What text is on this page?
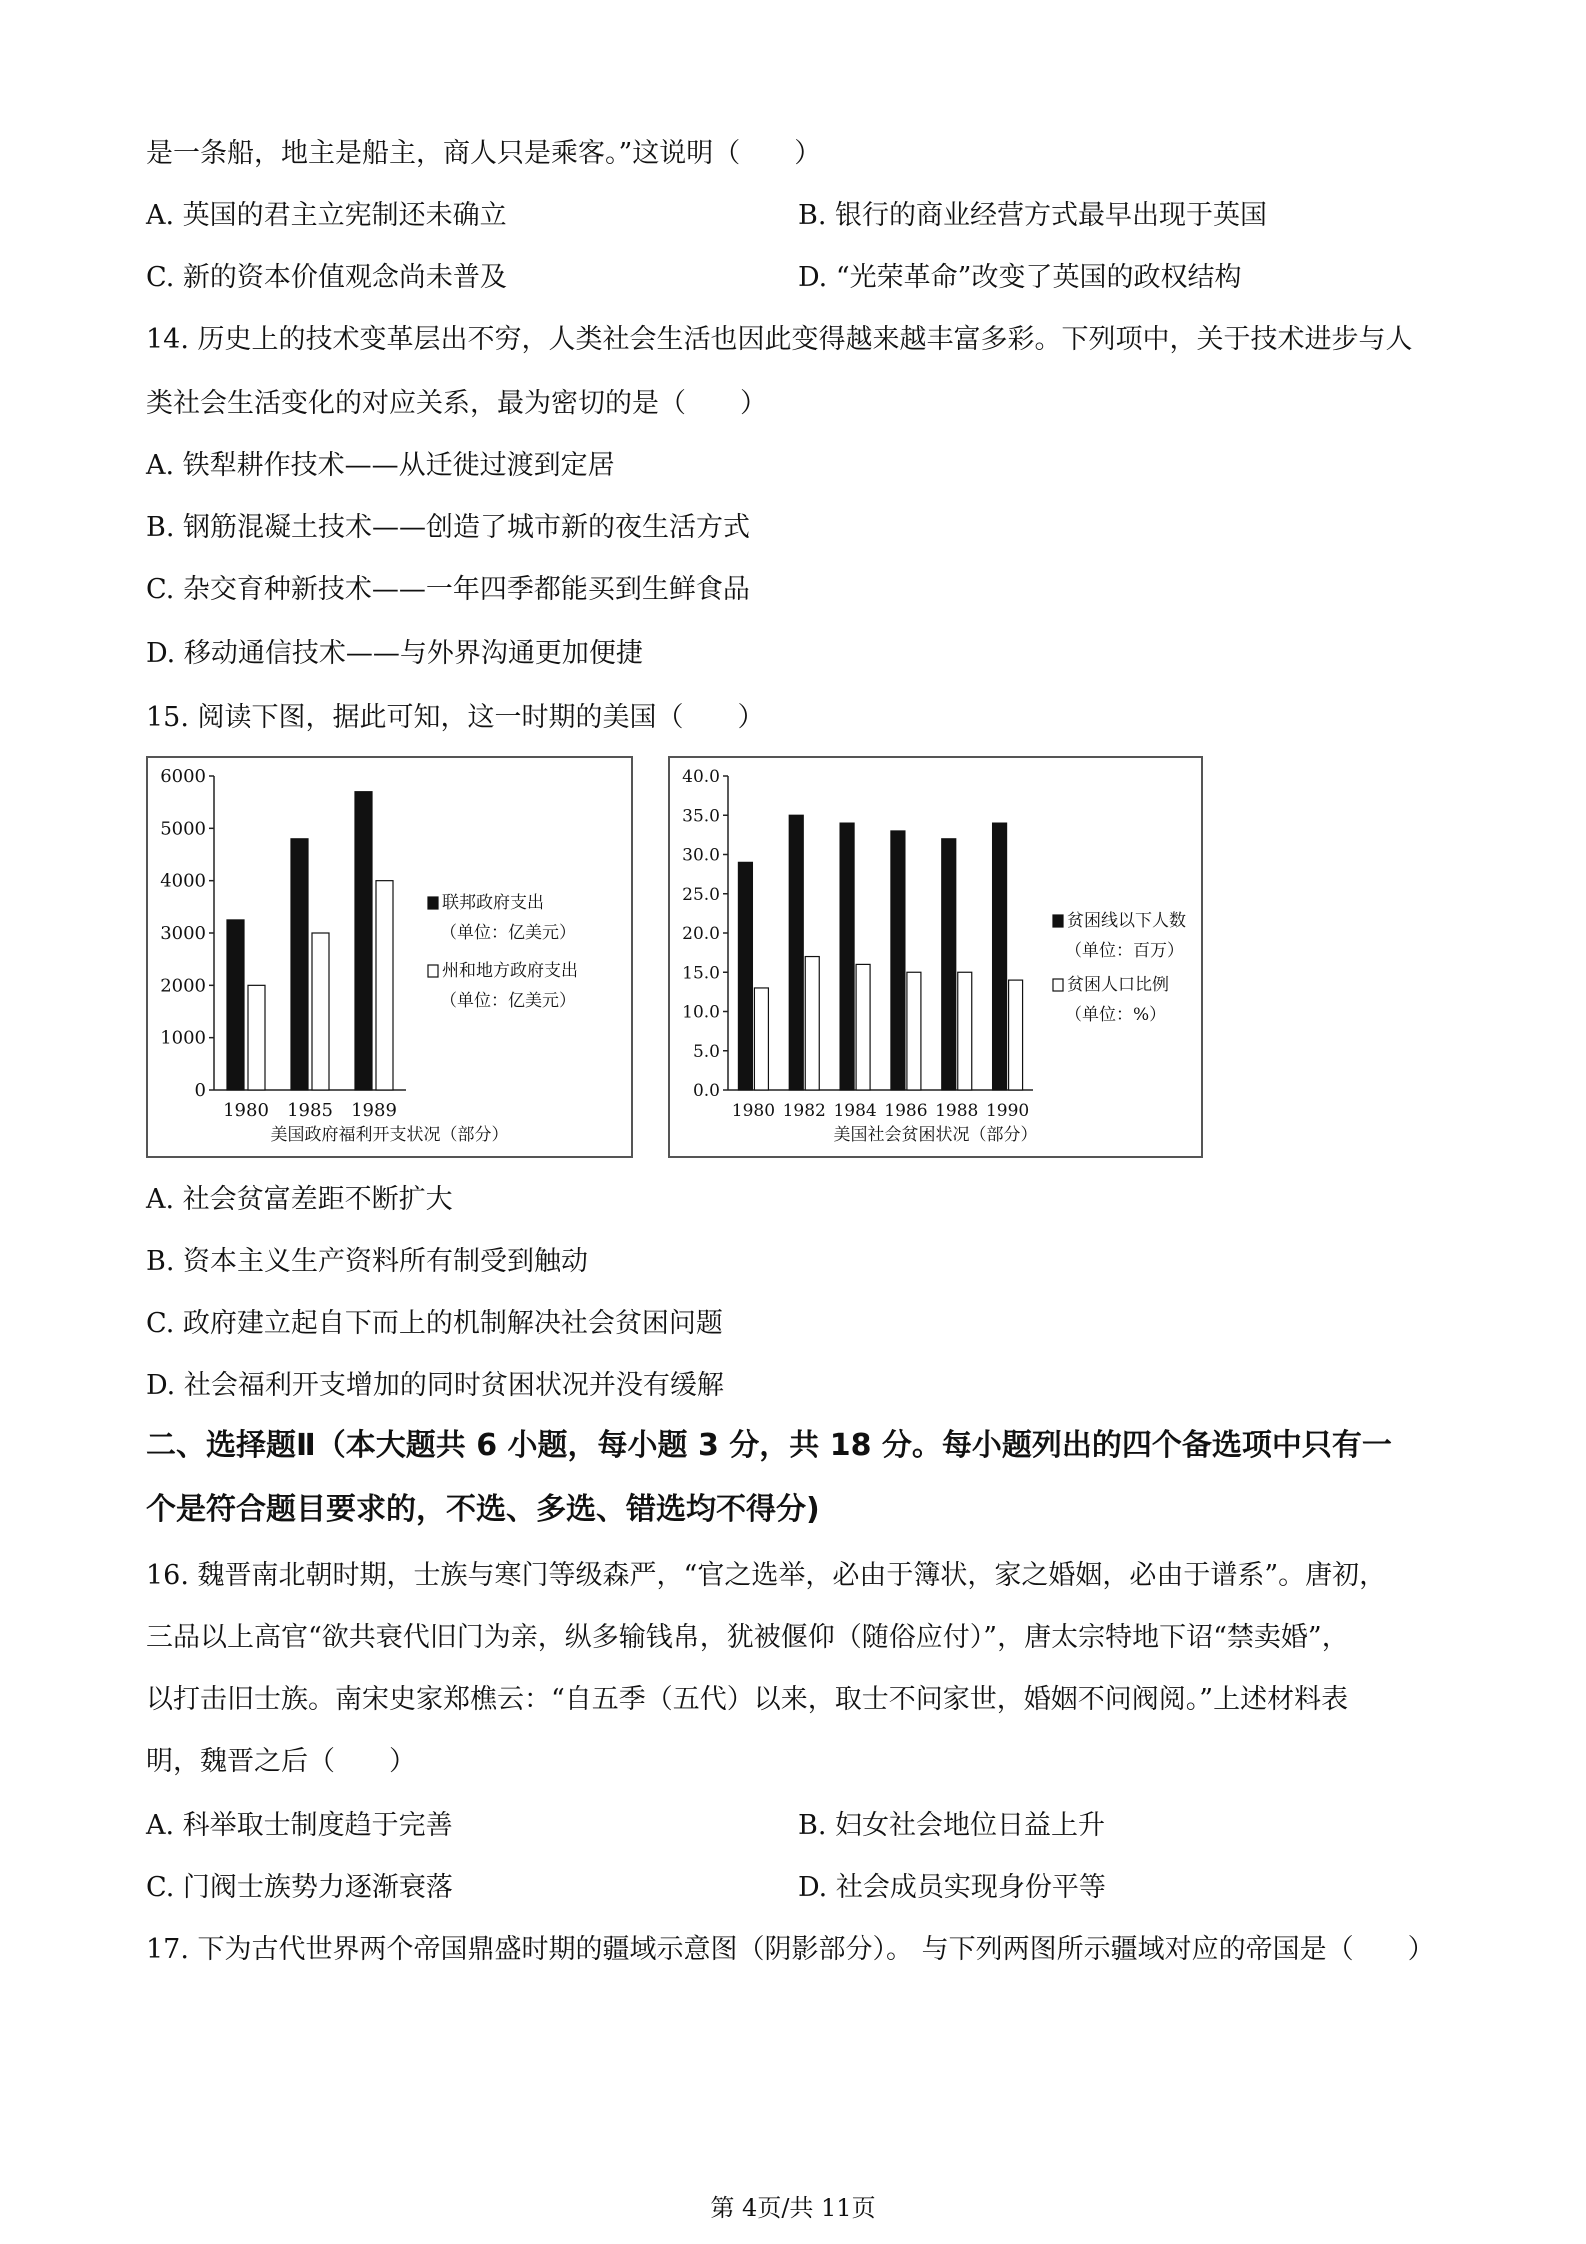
是一条船，地主是船主，商人只是乘客。”这说明（　　）
A. 英国的君主立宪制还未确立	B. 银行的商业经营方式最早出现于英国
C. 新的资本价值观念尚未普及	D. “光荣革命”改变了英国的政权结构
14. 历史上的技术变革层出不穷，人类社会生活也因此变得越来越丰富多彩。下列项中，关于技术进步与人
类社会生活变化的对应关系，最为密切的是（　　）
A. 铁犁耕作技术——从迁徙过渡到定居
B. 钢筋混凝土技术——创造了城市新的夜生活方式
C. 杂交育种新技术——一年四季都能买到生鲜食品
D. 移动通信技术——与外界沟通更加便捷
15. 阅读下图，据此可知，这一时期的美国（　　）
0
1000
2000
3000
4000
5000
6000
1980 1985 1989
联邦政府支出
（单位：亿美元）
州和地方政府支出
（单位：亿美元）
美国政府福利开支状况（部分）
0.0
5.0
10.0
15.0
20.0
25.0
30.0
35.0
40.0
1980 1982 1984 1986 1988 1990
贫困线以下人数
（单位：百万）
贫困人口比例
（单位：%）
美国社会贫困状况（部分）
A. 社会贫富差距不断扩大
B. 资本主义生产资料所有制受到触动
C. 政府建立起自下而上的机制解决社会贫困问题
D. 社会福利开支增加的同时贫困状况并没有缓解
二、选择题Ⅱ（本大题共 6 小题，每小题 3 分，共 18 分。每小题列出的四个备选项中只有一
个是符合题目要求的，不选、多选、错选均不得分)
16. 魏晋南北朝时期，士族与寒门等级森严，“官之选举，必由于簿状，家之婚姻，必由于谱系”。唐初，
三品以上高官“欲共衰代旧门为亲，纵多输钱帛，犹被偃仰（随俗应付）”，唐太宗特地下诏“禁卖婚”，
以打击旧士族。南宋史家郑樵云：“自五季（五代）以来，取士不问家世，婚姻不问阀阅。”上述材料表
明，魏晋之后（　　）
A. 科举取士制度趋于完善	B. 妇女社会地位日益上升
C. 门阀士族势力逐渐衰落	D. 社会成员实现身份平等
17. 下为古代世界两个帝国鼎盛时期的疆域示意图（阴影部分）。 与下列两图所示疆域对应的帝国是（　　）
第 4页/共 11页
